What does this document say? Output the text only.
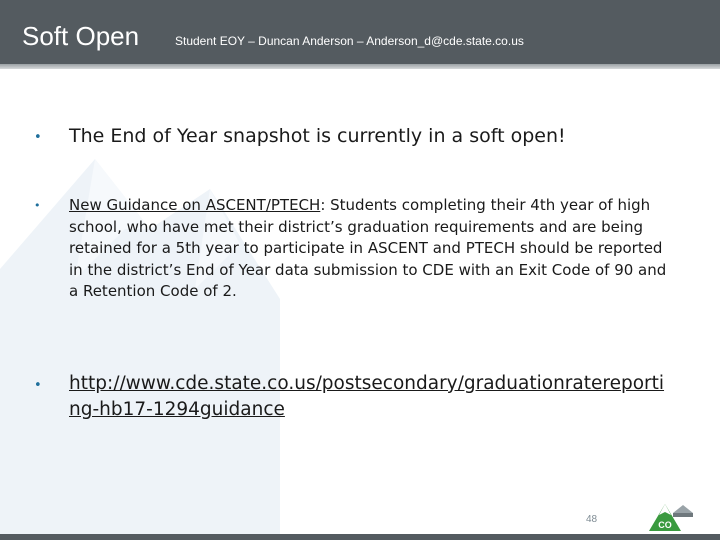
Soft Open	Student EOY – Duncan Anderson – Anderson_d@cde.state.co.us
• The End of Year snapshot is currently in a soft open!
• New Guidance on ASCENT/PTECH: Students completing their 4th year of high school, who have met their district’s graduation requirements and are being retained for a 5th year to participate in ASCENT and PTECH should be reported in the district’s End of Year data submission to CDE with an Exit Code of 90 and a Retention Code of 2.
• http://www.cde.state.co.us/postsecondary/graduationratereporting-hb17-1294guidance
48	CO
